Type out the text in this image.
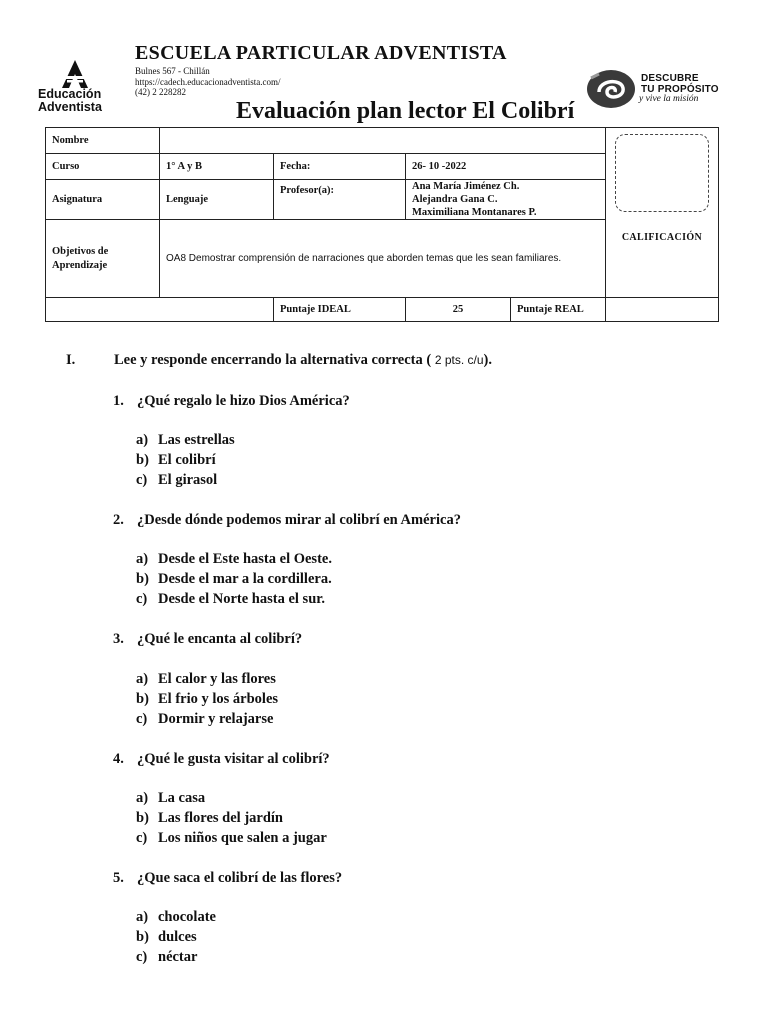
Educación
Adventista
ESCUELA PARTICULAR ADVENTISTA
Bulnes 567 - Chillán
https://cadech.educacionadventista.com/
(42) 2 228282
Evaluación plan lector El Colibrí
DESCUBRE
TU PROPÓSITO
y vive la misión
Nombre					CALIFICACIÓN

Curso	1° A y B	Fecha:	26- 10 -2022		
Asignatura	Lenguaje	Profesor(a):	Ana María Jiménez Ch.
Alejandra Gana C.
Maximiliana Montanares P.		

Objetivos de
Aprendizaje	OA8 Demostrar comprensión de narraciones que aborden temas que les sean familiares.				
		Puntaje IDEAL	25	Puntaje REAL	
I.	Lee y responde encerrando la alternativa correcta ( 2 pts. c/u).
1. ¿Qué regalo le hizo Dios América?
a) Las estrellas
b) El colibrí
c) El girasol
2. ¿Desde dónde podemos mirar al colibrí en América?
a) Desde el Este hasta el Oeste.
b) Desde el mar a la cordillera.
c) Desde el Norte hasta el sur.
3. ¿Qué le encanta al colibrí?
a) El calor y las flores
b) El frio y los árboles
c) Dormir y relajarse
4. ¿Qué le gusta visitar al colibrí?
a) La casa
b) Las flores del jardín
c) Los niños que salen a jugar
5. ¿Que saca el colibrí de las flores?
a) chocolate
b) dulces
c) néctar
